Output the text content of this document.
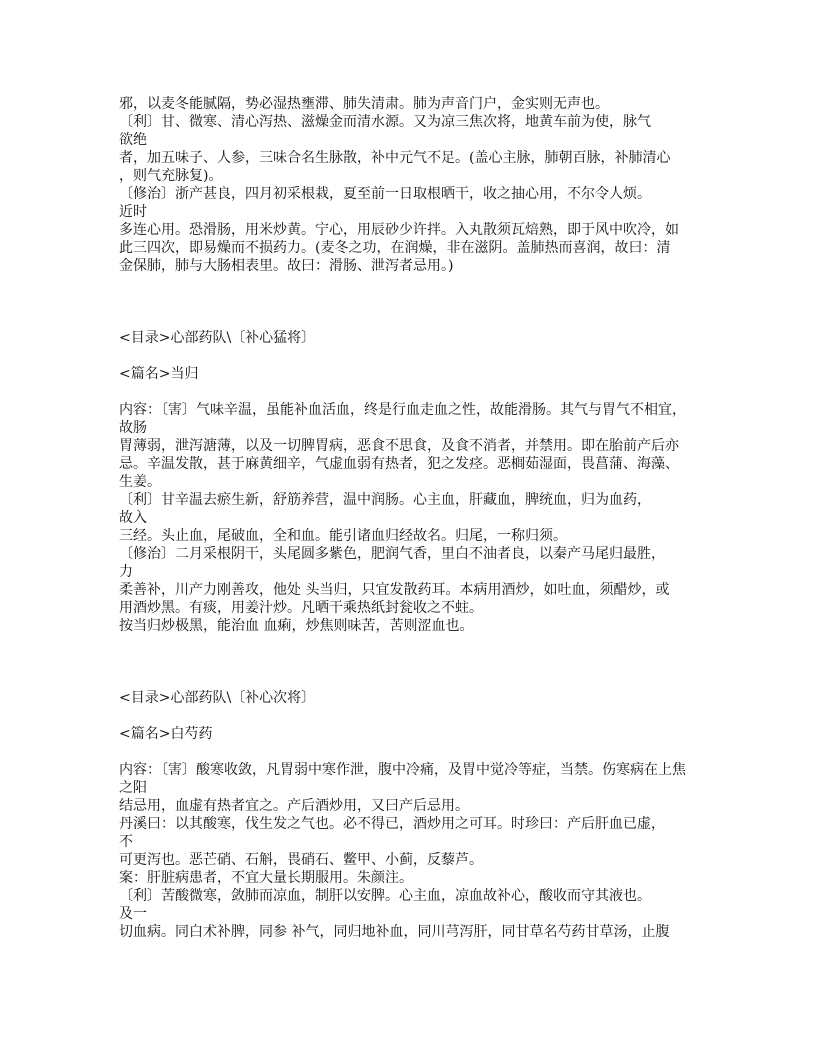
邪，以麦冬能腻隔，势必湿热壅滞、肺失清肃。肺为声音门户，金实则无声也。
〔利〕甘、微寒、清心泻热、滋燥金而清水源。又为凉三焦次将，地黄车前为使，脉气
欲绝
者，加五味子、人参，三味合名生脉散，补中元气不足。(盖心主脉，肺朝百脉，补肺清心
，则气充脉复)。
〔修治〕浙产甚良，四月初采根栽，夏至前一日取根晒干，收之抽心用，不尔令人烦。
近时
多连心用。恐滑肠，用米炒黄。宁心，用辰砂少许拌。入丸散须瓦焙熟，即于风中吹冷，如
此三四次，即易燥而不损药力。(麦冬之功，在润燥，非在滋阴。盖肺热而喜润，故曰：清
金保肺，肺与大肠相表里。故曰：滑肠、泄泻者忌用。)
<目录>心部药队\〔补心猛将〕
<篇名>当归
内容：〔害〕气味辛温，虽能补血活血，终是行血走血之性，故能滑肠。其气与胃气不相宜，
故肠
胃薄弱，泄泻溏薄，以及一切脾胃病，恶食不思食，及食不消者，并禁用。即在胎前产后亦
忌。辛温发散，甚于麻黄细辛，气虚血弱有热者，犯之发痉。恶榈茹湿面，畏菖蒲、海藻、
生姜。
〔利〕甘辛温去瘀生新，舒筋养营，温中润肠。心主血，肝藏血，脾统血，归为血药，
故入
三经。头止血，尾破血，全和血。能引诸血归经故名。归尾，一称归须。
〔修治〕二月采根阴干，头尾圆多紫色，肥润气香，里白不油者良，以秦产马尾归最胜，
力
柔善补，川产力刚善攻，他处 头当归，只宜发散药耳。本病用酒炒，如吐血，须醋炒，或
用酒炒黑。有痰，用姜汁炒。凡晒干乘热纸封瓮收之不蛀。
按当归炒极黑，能治血 血痢，炒焦则味苦，苦则涩血也。
<目录>心部药队\〔补心次将〕
<篇名>白芍药
内容：〔害〕酸寒收敛，凡胃弱中寒作泄，腹中冷痛，及胃中觉冷等症，当禁。伤寒病在上焦
之阳
结忌用，血虚有热者宜之。产后酒炒用，又曰产后忌用。
丹溪曰：以其酸寒，伐生发之气也。必不得已，酒炒用之可耳。时珍曰：产后肝血已虚，
不
可更泻也。恶芒硝、石斛，畏硝石、鳖甲、小蓟，反藜芦。
案：肝脏病患者，不宜大量长期服用。朱颜注。
〔利〕苦酸微寒，敛肺而凉血，制肝以安脾。心主血，凉血故补心，酸收而守其液也。
及一
切血病。同白术补脾，同参 补气，同归地补血，同川芎泻肝，同甘草名芍药甘草汤，止腹
